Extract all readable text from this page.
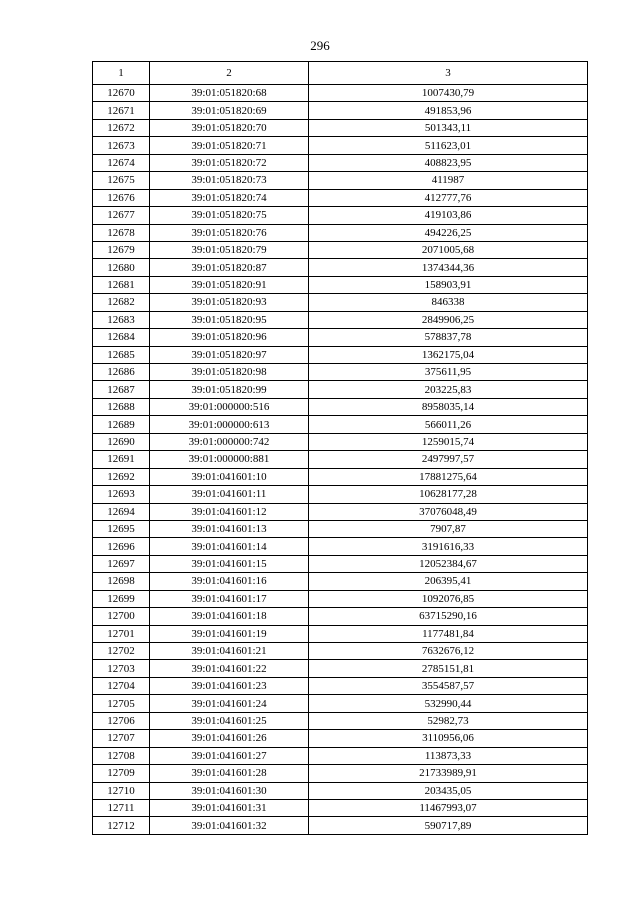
296
1	2	3
12670	39:01:051820:68	1007430,79
12671	39:01:051820:69	491853,96
12672	39:01:051820:70	501343,11
12673	39:01:051820:71	511623,01
12674	39:01:051820:72	408823,95
12675	39:01:051820:73	411987
12676	39:01:051820:74	412777,76
12677	39:01:051820:75	419103,86
12678	39:01:051820:76	494226,25
12679	39:01:051820:79	2071005,68
12680	39:01:051820:87	1374344,36
12681	39:01:051820:91	158903,91
12682	39:01:051820:93	846338
12683	39:01:051820:95	2849906,25
12684	39:01:051820:96	578837,78
12685	39:01:051820:97	1362175,04
12686	39:01:051820:98	375611,95
12687	39:01:051820:99	203225,83
12688	39:01:000000:516	8958035,14
12689	39:01:000000:613	566011,26
12690	39:01:000000:742	1259015,74
12691	39:01:000000:881	2497997,57
12692	39:01:041601:10	17881275,64
12693	39:01:041601:11	10628177,28
12694	39:01:041601:12	37076048,49
12695	39:01:041601:13	7907,87
12696	39:01:041601:14	3191616,33
12697	39:01:041601:15	12052384,67
12698	39:01:041601:16	206395,41
12699	39:01:041601:17	1092076,85
12700	39:01:041601:18	63715290,16
12701	39:01:041601:19	1177481,84
12702	39:01:041601:21	7632676,12
12703	39:01:041601:22	2785151,81
12704	39:01:041601:23	3554587,57
12705	39:01:041601:24	532990,44
12706	39:01:041601:25	52982,73
12707	39:01:041601:26	3110956,06
12708	39:01:041601:27	113873,33
12709	39:01:041601:28	21733989,91
12710	39:01:041601:30	203435,05
12711	39:01:041601:31	11467993,07
12712	39:01:041601:32	590717,89
